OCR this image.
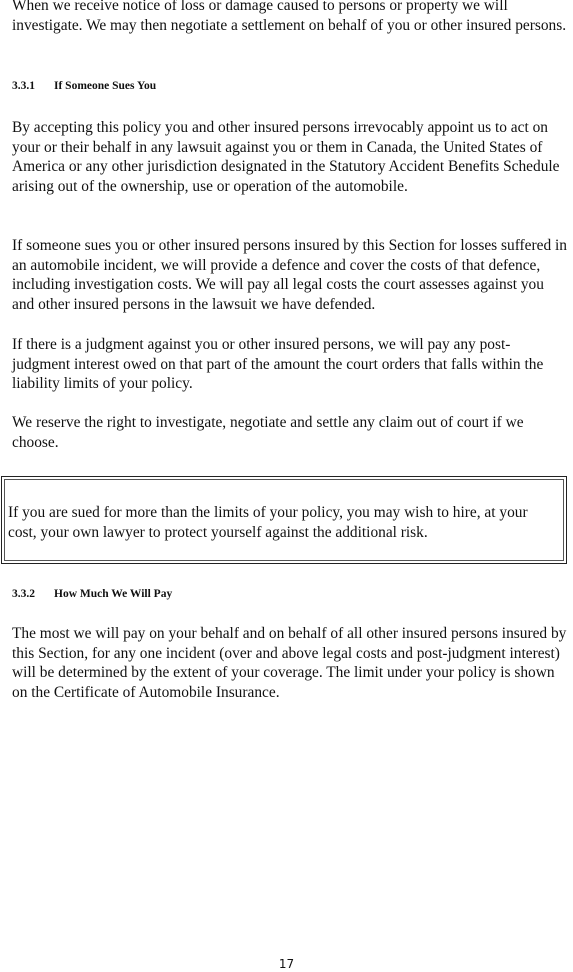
When we receive notice of loss or damage caused to persons or property we will investigate. We may then negotiate a settlement on behalf of you or other insured persons.

3.3.1 If Someone Sues You

By accepting this policy you and other insured persons irrevocably appoint us to act on your or their behalf in any lawsuit against you or them in Canada, the United States of America or any other jurisdiction designated in the Statutory Accident Benefits Schedule arising out of the ownership, use or operation of the automobile.

If someone sues you or other insured persons insured by this Section for losses suffered in an automobile incident, we will provide a defence and cover the costs of that defence, including investigation costs. We will pay all legal costs the court assesses against you and other insured persons in the lawsuit we have defended.

If there is a judgment against you or other insured persons, we will pay any post-judgment interest owed on that part of the amount the court orders that falls within the liability limits of your policy.

We reserve the right to investigate, negotiate and settle any claim out of court if we choose.

If you are sued for more than the limits of your policy, you may wish to hire, at your cost, your own lawyer to protect yourself against the additional risk.

3.3.2 How Much We Will Pay

The most we will pay on your behalf and on behalf of all other insured persons insured by this Section, for any one incident (over and above legal costs and post-judgment interest) will be determined by the extent of your coverage. The limit under your policy is shown on the Certificate of Automobile Insurance.

17
